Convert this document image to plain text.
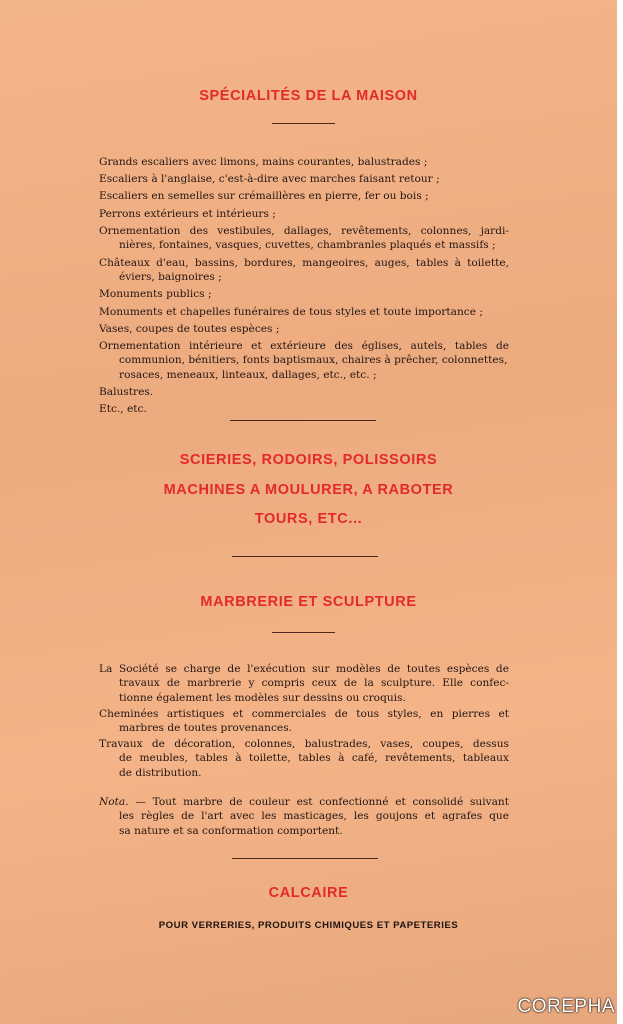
SPÉCIALITÉS DE LA MAISON
Grands escaliers avec limons, mains courantes, balustrades ;
Escaliers à l'anglaise, c'est-à-dire avec marches faisant retour ;
Escaliers en semelles sur crémaillères en pierre, fer ou bois ;
Perrons extérieurs et intérieurs ;
Ornementation des vestibules, dallages, revêtements, colonnes, jardi-
nières, fontaines, vasques, cuvettes, chambranles plaqués et massifs ;
Châteaux d'eau, bassins, bordures, mangeoires, auges, tables à toilette,
éviers, baignoires ;
Monuments publics ;
Monuments et chapelles funéraires de tous styles et toute importance ;
Vases, coupes de toutes espèces ;
Ornementation intérieure et extérieure des églises, autels, tables de
communion, bénitiers, fonts baptismaux, chaires à prêcher, colonnettes,
rosaces, meneaux, linteaux, dallages, etc., etc. ;
Balustres.
Etc., etc.
SCIERIES, RODOIRS, POLISSOIRS
MACHINES A MOULURER, A RABOTER
TOURS, ETC...
MARBRERIE ET SCULPTURE
La Société se charge de l'exécution sur modèles de toutes espèces de
travaux de marbrerie y compris ceux de la sculpture. Elle confec-
tionne également les modèles sur dessins ou croquis.
Cheminées artistiques et commerciales de tous styles, en pierres et
marbres de toutes provenances.
Travaux de décoration, colonnes, balustrades, vases, coupes, dessus
de meubles, tables à toilette, tables à café, revêtements, tableaux
de distribution.
Nota. — Tout marbre de couleur est confectionné et consolidé suivant
les règles de l'art avec les masticages, les goujons et agrafes que
sa nature et sa conformation comportent.
CALCAIRE
POUR VERRERIES, PRODUITS CHIMIQUES ET PAPETERIES
COREPHA
